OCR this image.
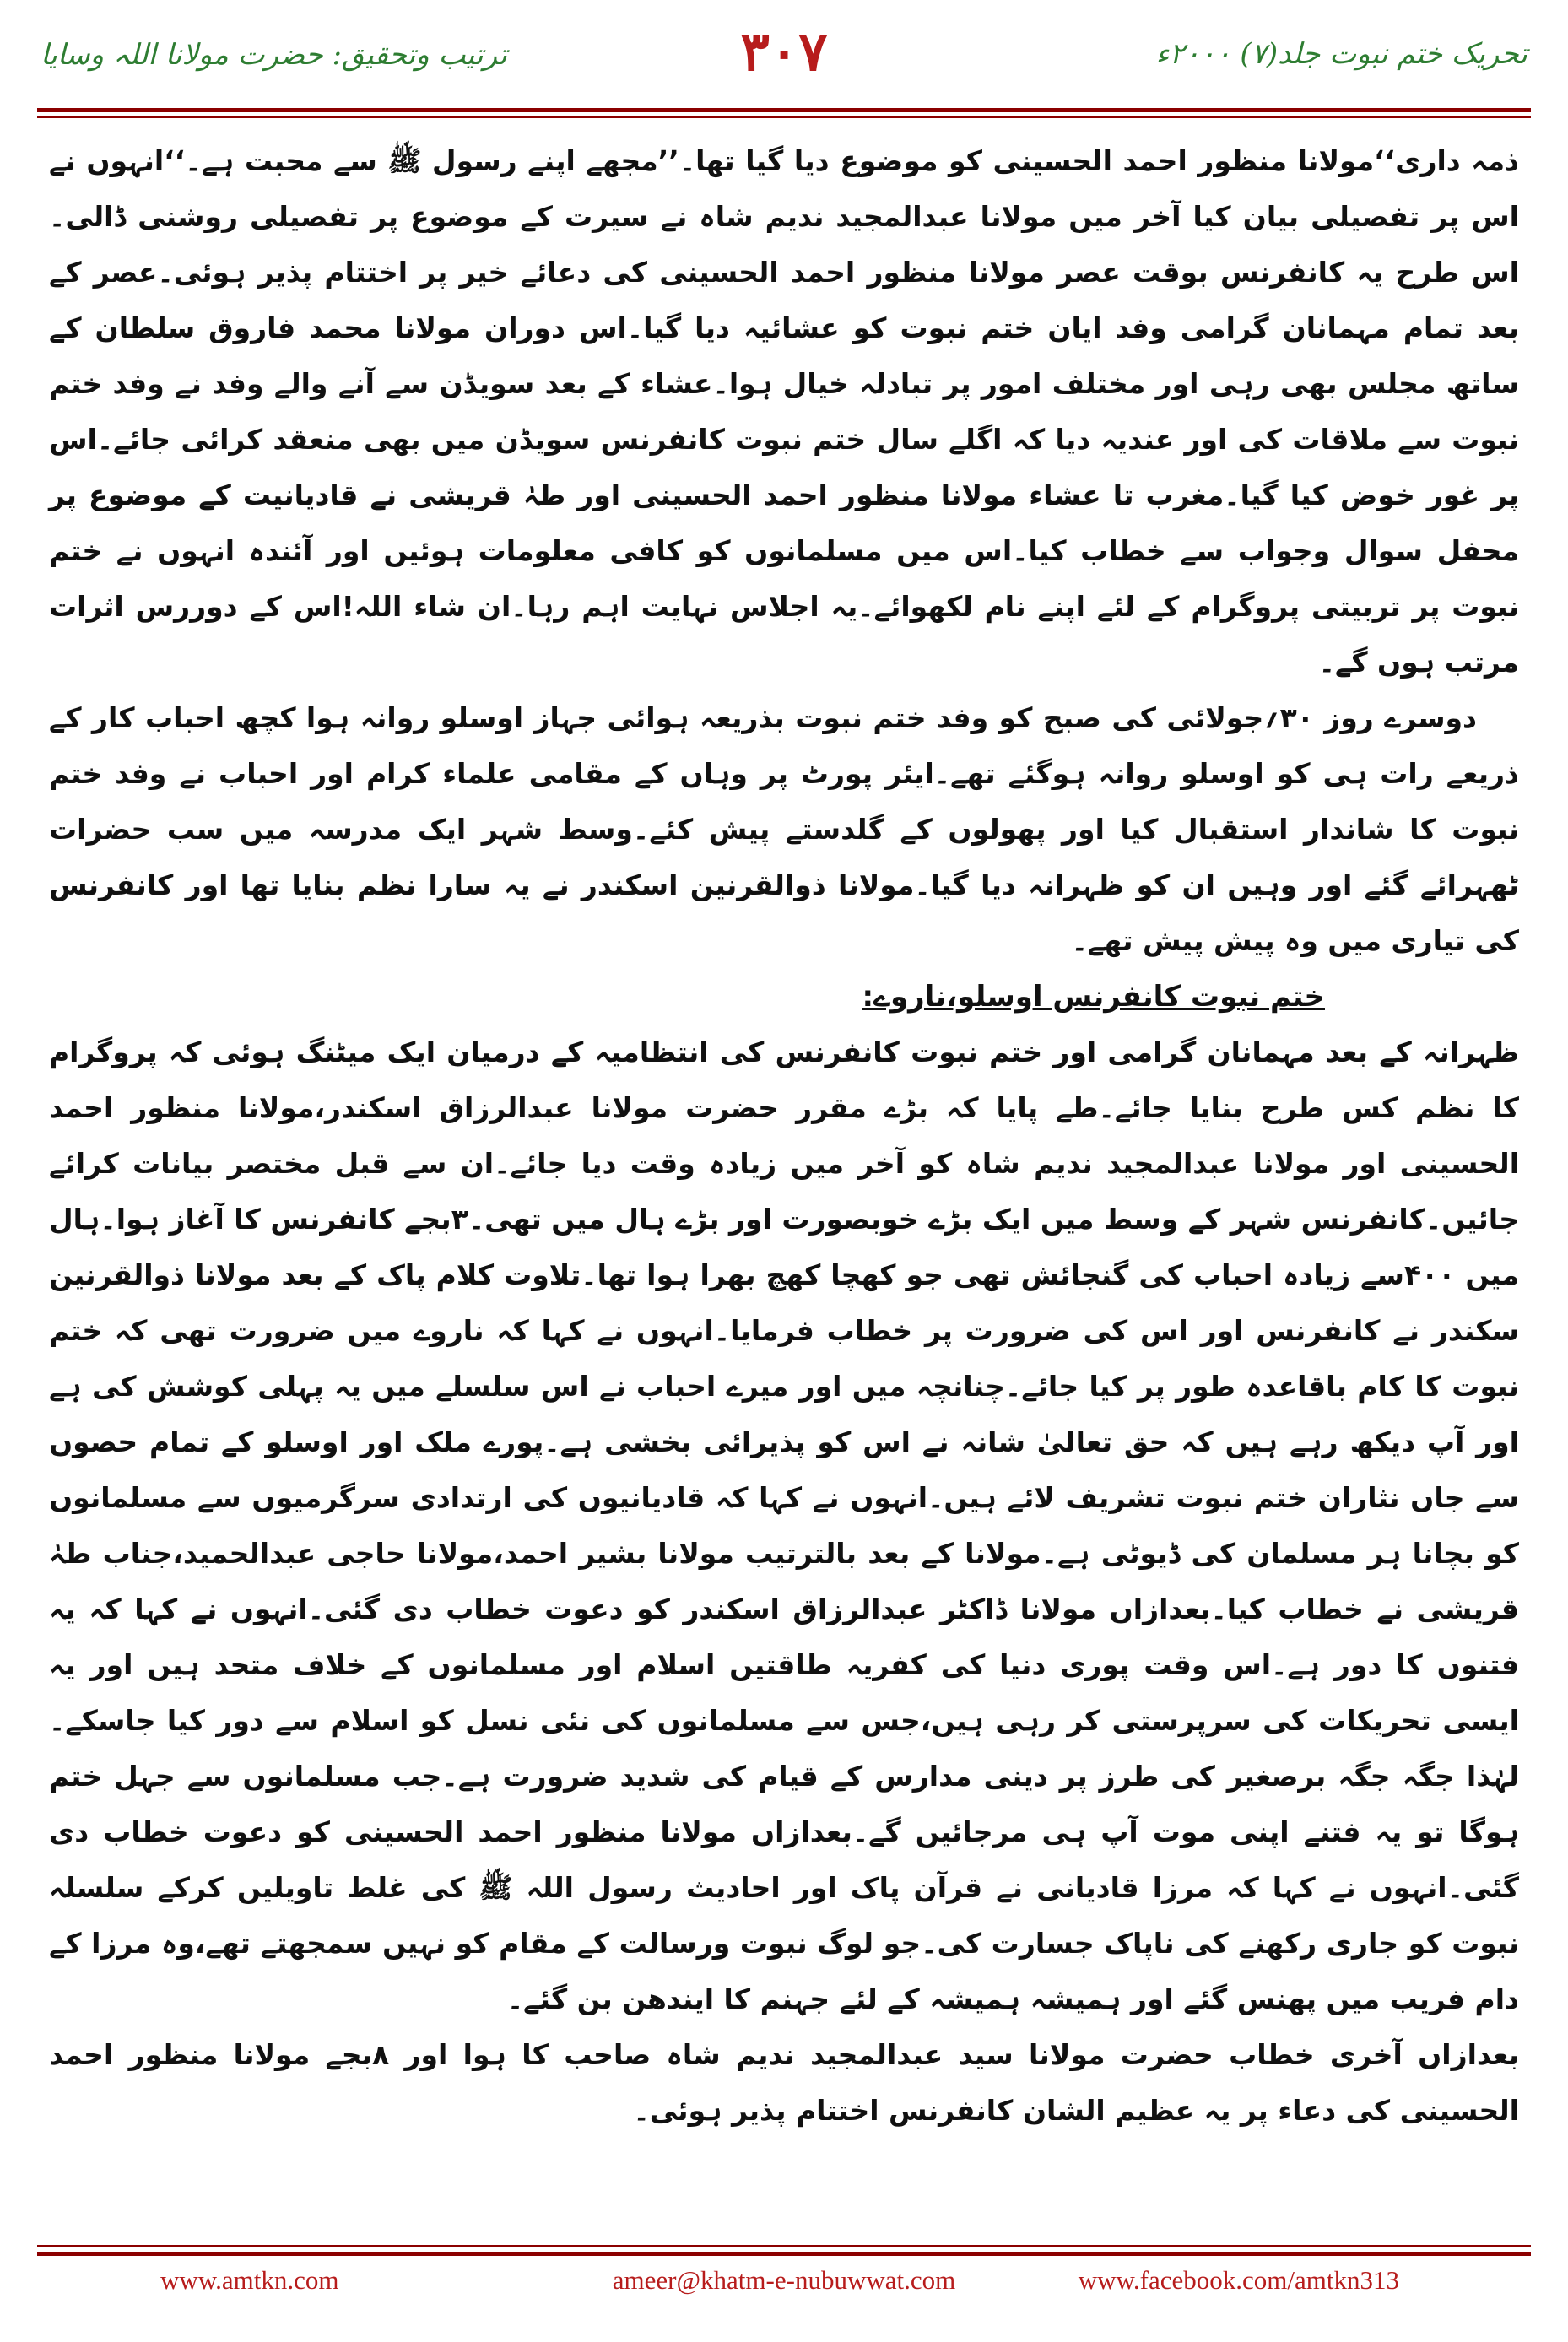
تحریک ختم نبوت جلد(۷) ۲۰۰۰ء
۳۰۷
ترتیب وتحقیق: حضرت مولانا اللہ وسایا

ذمہ داری‘‘مولانا منظور احمد الحسینی کو موضوع دیا گیا تھا۔’’مجھے اپنے رسول ﷺ سے محبت ہے۔‘‘انہوں نے اس پر تفصیلی بیان کیا آخر میں مولانا عبدالمجید ندیم شاہ نے سیرت کے موضوع پر تفصیلی روشنی ڈالی۔اس طرح یہ کانفرنس بوقت عصر مولانا منظور احمد الحسینی کی دعائے خیر پر اختتام پذیر ہوئی۔عصر کے بعد تمام مہمانان گرامی وفد ایان ختم نبوت کو عشائیہ دیا گیا۔اس دوران مولانا محمد فاروق سلطان کے ساتھ مجلس بھی رہی اور مختلف امور پر تبادلہ خیال ہوا۔عشاء کے بعد سویڈن سے آنے والے وفد نے وفد ختم نبوت سے ملاقات کی اور عندیہ دیا کہ اگلے سال ختم نبوت کانفرنس سویڈن میں بھی منعقد کرائی جائے۔اس پر غور خوض کیا گیا۔مغرب تا عشاء مولانا منظور احمد الحسینی اور طہٰ قریشی نے قادیانیت کے موضوع پر محفل سوال وجواب سے خطاب کیا۔اس میں مسلمانوں کو کافی معلومات ہوئیں اور آئندہ انہوں نے ختم نبوت پر تربیتی پروگرام کے لئے اپنے نام لکھوائے۔یہ اجلاس نہایت اہم رہا۔ان شاء اللہ!اس کے دوررس اثرات مرتب ہوں گے۔

دوسرے روز ۳۰؍جولائی کی صبح کو وفد ختم نبوت بذریعہ ہوائی جہاز اوسلو روانہ ہوا کچھ احباب کار کے ذریعے رات ہی کو اوسلو روانہ ہوگئے تھے۔ایئر پورٹ پر وہاں کے مقامی علماء کرام اور احباب نے وفد ختم نبوت کا شاندار استقبال کیا اور پھولوں کے گلدستے پیش کئے۔وسط شہر ایک مدرسہ میں سب حضرات ٹھہرائے گئے اور وہیں ان کو ظہرانہ دیا گیا۔مولانا ذوالقرنین اسکندر نے یہ سارا نظم بنایا تھا اور کانفرنس کی تیاری میں وہ پیش پیش تھے۔

ختم نبوت کانفرنس اوسلو،ناروے:

ظہرانہ کے بعد مہمانان گرامی اور ختم نبوت کانفرنس کی انتظامیہ کے درمیان ایک میٹنگ ہوئی کہ پروگرام کا نظم کس طرح بنایا جائے۔طے پایا کہ بڑے مقرر حضرت مولانا عبدالرزاق اسکندر،مولانا منظور احمد الحسینی اور مولانا عبدالمجید ندیم شاہ کو آخر میں زیادہ وقت دیا جائے۔ان سے قبل مختصر بیانات کرائے جائیں۔کانفرنس شہر کے وسط میں ایک بڑے خوبصورت اور بڑے ہال میں تھی۔۳بجے کانفرنس کا آغاز ہوا۔ہال میں ۴۰۰سے زیادہ احباب کی گنجائش تھی جو کھچا کھچ بھرا ہوا تھا۔تلاوت کلام پاک کے بعد مولانا ذوالقرنین سکندر نے کانفرنس اور اس کی ضرورت پر خطاب فرمایا۔انہوں نے کہا کہ ناروے میں ضرورت تھی کہ ختم نبوت کا کام باقاعدہ طور پر کیا جائے۔چنانچہ میں اور میرے احباب نے اس سلسلے میں یہ پہلی کوشش کی ہے اور آپ دیکھ رہے ہیں کہ حق تعالیٰ شانہ نے اس کو پذیرائی بخشی ہے۔پورے ملک اور اوسلو کے تمام حصوں سے جاں نثاران ختم نبوت تشریف لائے ہیں۔انہوں نے کہا کہ قادیانیوں کی ارتدادی سرگرمیوں سے مسلمانوں کو بچانا ہر مسلمان کی ڈیوٹی ہے۔مولانا کے بعد بالترتیب مولانا بشیر احمد،مولانا حاجی عبدالحمید،جناب طہٰ قریشی نے خطاب کیا۔بعدازاں مولانا ڈاکٹر عبدالرزاق اسکندر کو دعوت خطاب دی گئی۔انہوں نے کہا کہ یہ فتنوں کا دور ہے۔اس وقت پوری دنیا کی کفریہ طاقتیں اسلام اور مسلمانوں کے خلاف متحد ہیں اور یہ ایسی تحریکات کی سرپرستی کر رہی ہیں،جس سے مسلمانوں کی نئی نسل کو اسلام سے دور کیا جاسکے۔لہٰذا جگہ جگہ برصغیر کی طرز پر دینی مدارس کے قیام کی شدید ضرورت ہے۔جب مسلمانوں سے جہل ختم ہوگا تو یہ فتنے اپنی موت آپ ہی مرجائیں گے۔بعدازاں مولانا منظور احمد الحسینی کو دعوت خطاب دی گئی۔انہوں نے کہا کہ مرزا قادیانی نے قرآن پاک اور احادیث رسول اللہ ﷺ کی غلط تاویلیں کرکے سلسلہ نبوت کو جاری رکھنے کی ناپاک جسارت کی۔جو لوگ نبوت ورسالت کے مقام کو نہیں سمجھتے تھے،وہ مرزا کے دام فریب میں پھنس گئے اور ہمیشہ ہمیشہ کے لئے جہنم کا ایندھن بن گئے۔

بعدازاں آخری خطاب حضرت مولانا سید عبدالمجید ندیم شاہ صاحب کا ہوا اور ۸بجے مولانا منظور احمد الحسینی کی دعاء پر یہ عظیم الشان کانفرنس اختتام پذیر ہوئی۔

www.amtkn.com	ameer@khatm-e-nubuwwat.com	www.facebook.com/amtkn313
